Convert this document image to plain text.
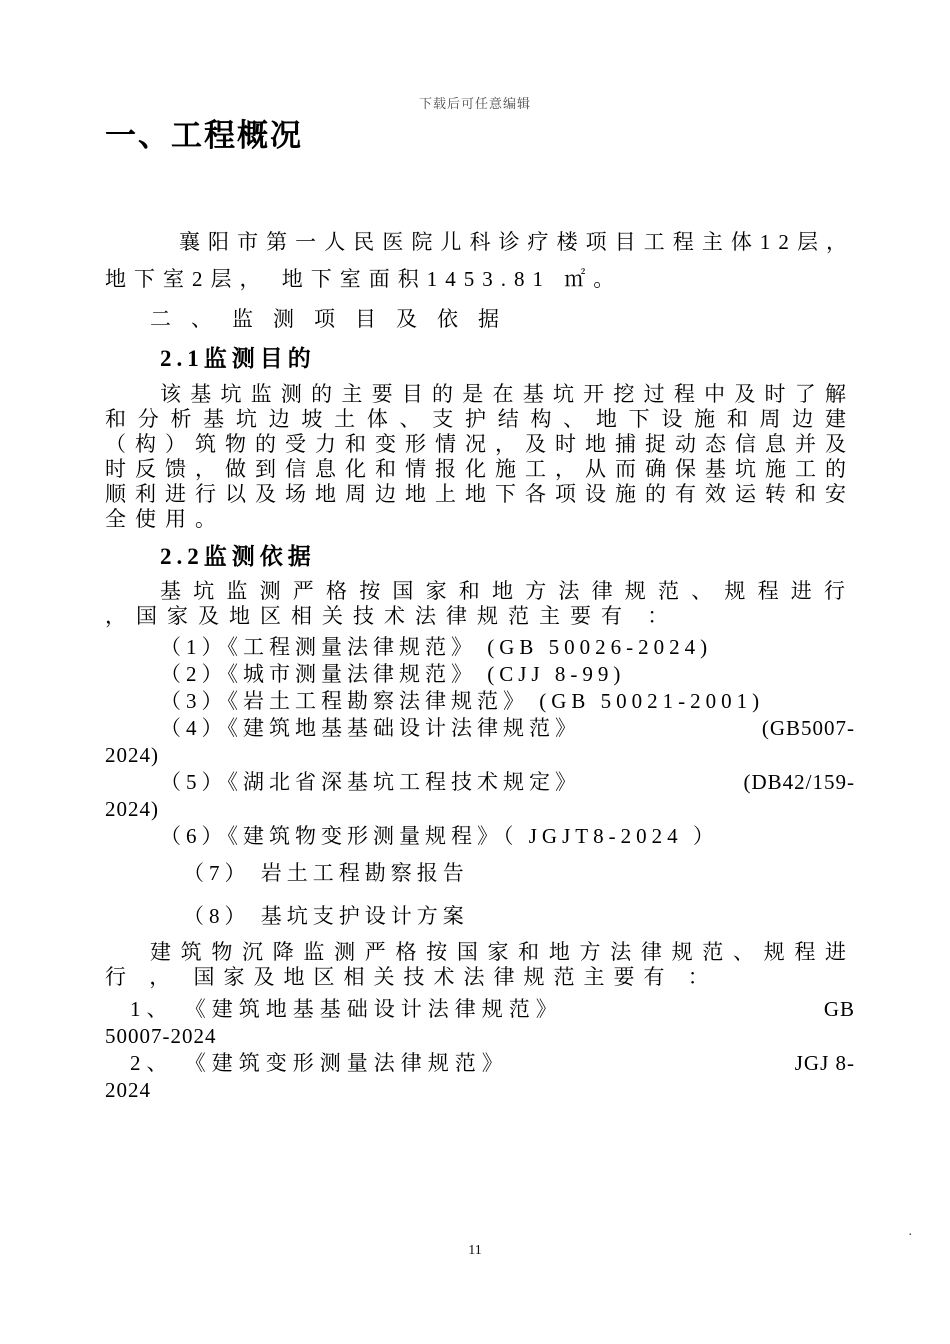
下载后可任意编辑
一、工程概况

襄阳市第一人民医院儿科诊疗楼项目工程主体12层，地下室2层， 地下室面积1453.81 ㎡。

二、监测项目及依据
2.1监测目的

该基坑监测的主要目的是在基坑开挖过程中及时了解和分析基坑边坡土体、支护结构、地下设施和周边建（构）筑物的受力和变形情况，及时地捕捉动态信息并及时反馈，做到信息化和情报化施工，从而确保基坑施工的顺利进行以及场地周边地上地下各项设施的有效运转和安全使用。

2.2监测依据

基坑监测严格按国家和地方法律规范、规程进行 ，国家及地区相关技术法律规范主要有 ：

（1）《工程测量法律规范》 (GB 50026-2024)
（2）《城市测量法律规范》 (CJJ 8-99)
（3）《岩土工程勘察法律规范》 (GB 50021-2001)
（4）《建筑地基基础设计法律规范》	(GB5007-
2024)
（5）《湖北省深基坑工程技术规定》	(DB42/159-
2024)
（6）《建筑物变形测量规程》（ JGJT8-2024 ）
（7） 岩土工程勘察报告
（8） 基坑支护设计方案

建筑物沉降监测严格按国家和地方法律规范、规程进行 ， 国家及地区相关技术法律规范主要有 ：

1、 《建筑地基基础设计法律规范》	GB
50007-2024
2、 《建筑变形测量法律规范》	JGJ 8-
2024
11
.
